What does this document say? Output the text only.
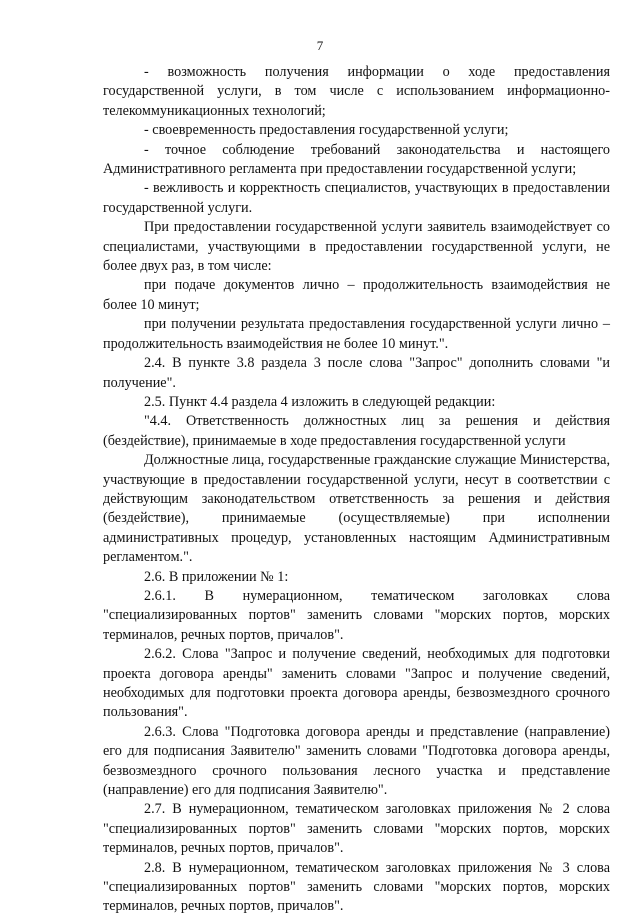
7

- возможность получения информации о ходе предоставления государственной услуги, в том числе с использованием информационно-телекоммуникационных технологий;

- своевременность предоставления государственной услуги;

- точное соблюдение требований законодательства и настоящего Административного регламента при предоставлении государственной услуги;

- вежливость и корректность специалистов, участвующих в предоставлении государственной услуги.

При предоставлении государственной услуги заявитель взаимодействует со специалистами, участвующими в предоставлении государственной услуги, не более двух раз, в том числе:

при подаче документов лично – продолжительность взаимодействия не более 10 минут;

при получении результата предоставления государственной услуги лично – продолжительность взаимодействия не более 10 минут.".

2.4. В пункте 3.8 раздела 3 после слова "Запрос" дополнить словами "и получение".

2.5. Пункт 4.4 раздела 4 изложить в следующей редакции:

"4.4. Ответственность должностных лиц за решения и действия (бездействие), принимаемые в ходе предоставления государственной услуги

Должностные лица, государственные гражданские служащие Министерства, участвующие в предоставлении государственной услуги, несут в соответствии с действующим законодательством ответственность за решения и действия (бездействие), принимаемые (осуществляемые) при исполнении административных процедур, установленных настоящим Административным регламентом.".

2.6. В приложении № 1:

2.6.1. В нумерационном, тематическом заголовках слова "специализированных портов" заменить словами "морских портов, морских терминалов, речных портов, причалов".

2.6.2. Слова "Запрос и получение сведений, необходимых для подготовки проекта договора аренды" заменить словами "Запрос и получение сведений, необходимых для подготовки проекта договора аренды, безвозмездного срочного пользования".

2.6.3. Слова "Подготовка договора аренды и представление (направление) его для подписания Заявителю" заменить словами "Подготовка договора аренды, безвозмездного срочного пользования лесного участка и представление (направление) его для подписания Заявителю".

2.7. В нумерационном, тематическом заголовках приложения № 2 слова "специализированных портов" заменить словами "морских портов, морских терминалов, речных портов, причалов".

2.8. В нумерационном, тематическом заголовках приложения № 3 слова "специализированных портов" заменить словами "морских портов, морских терминалов, речных портов, причалов".
